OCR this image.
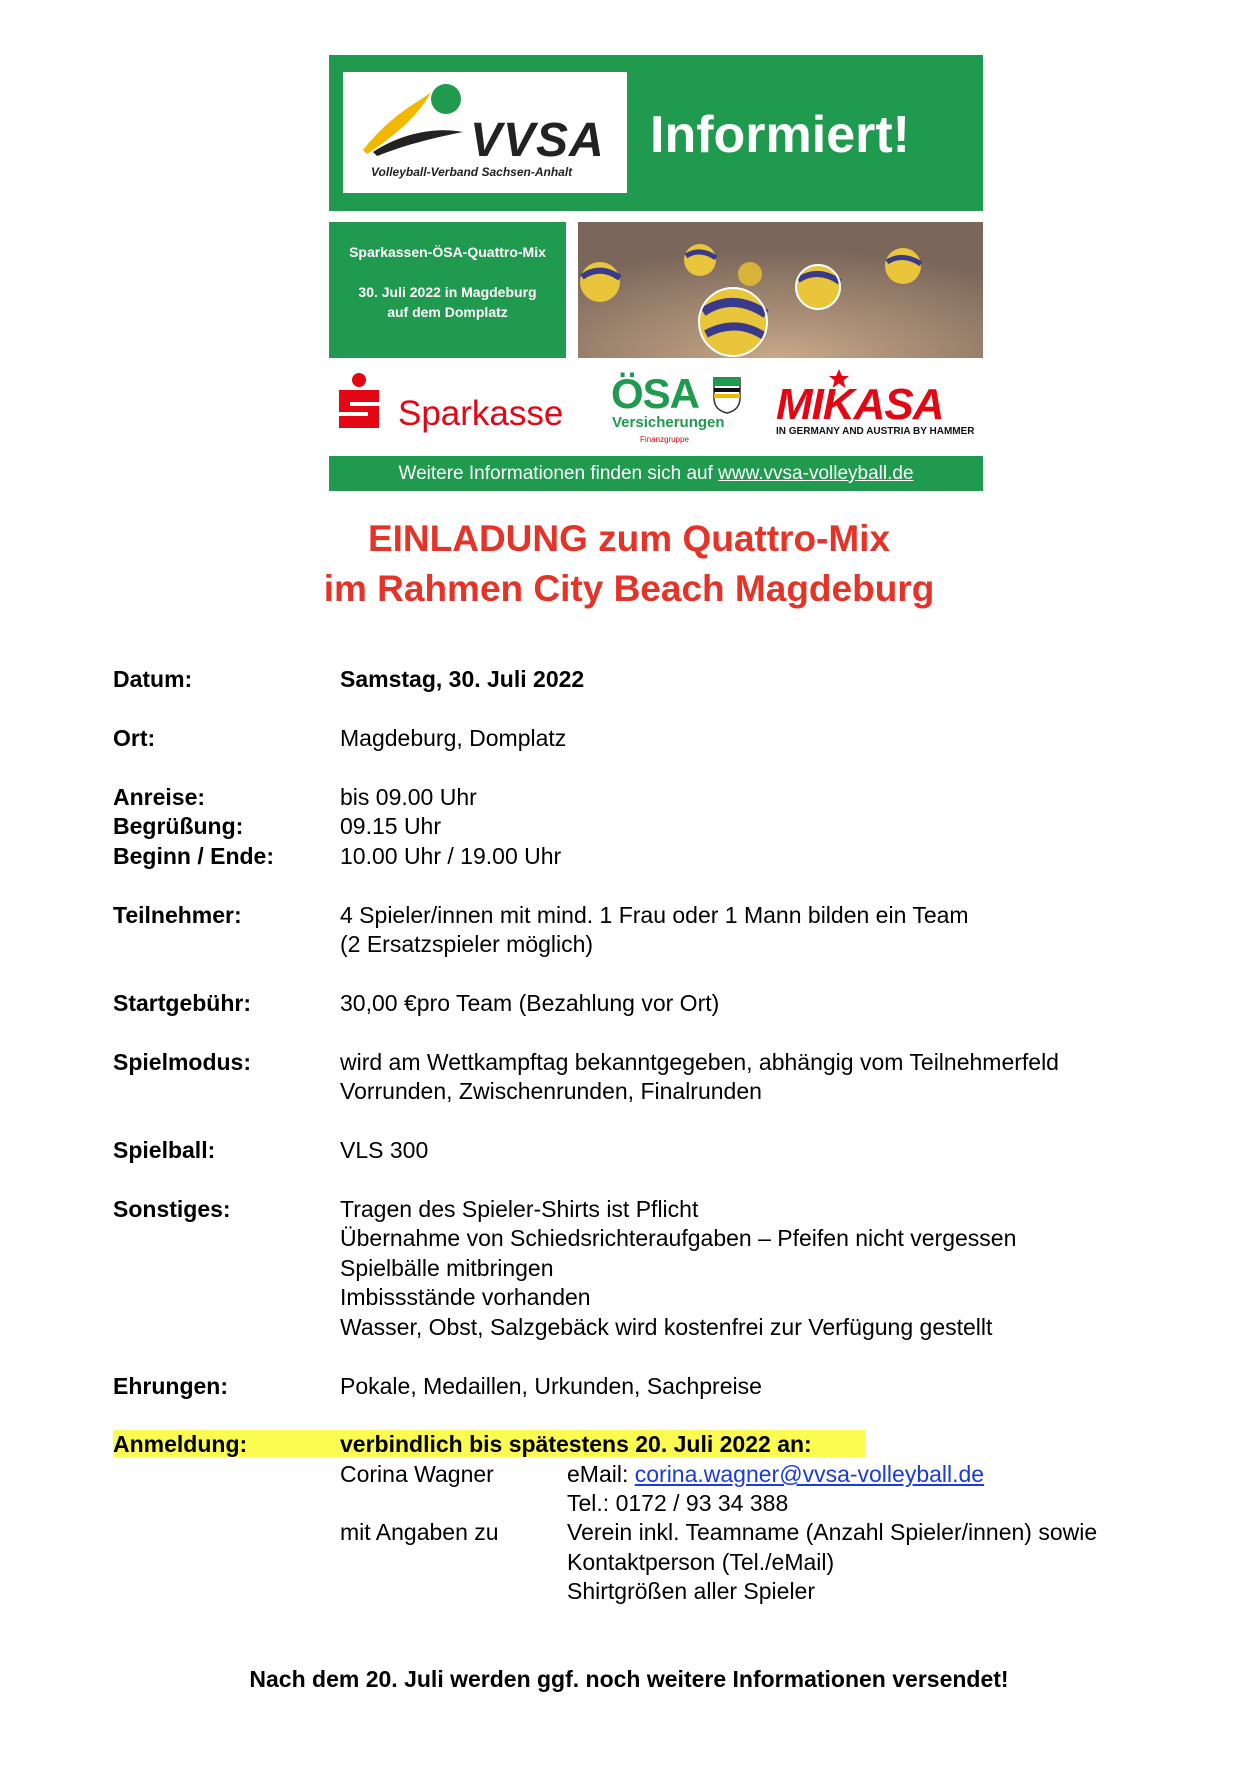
VVSA
Volleyball-Verband Sachsen-Anhalt
Informiert!
Sparkassen-ÖSA-Quattro-Mix
30. Juli 2022 in Magdeburg
auf dem Domplatz
Sparkasse ÖSA
Versicherungen
Finanzgruppe
MIKASA
IN GERMANY AND AUSTRIA BY HAMMER
Weitere Informationen finden sich auf www.vvsa-volleyball.de
EINLADUNG zum Quattro-Mix
im Rahmen City Beach Magdeburg
Datum:	Samstag, 30. Juli 2022
Ort:	Magdeburg, Domplatz
Anreise:	bis 09.00 Uhr
Begrüßung:	09.15 Uhr
Beginn / Ende:	10.00 Uhr / 19.00 Uhr
Teilnehmer:	4 Spieler/innen mit mind. 1 Frau oder 1 Mann bilden ein Team
(2 Ersatzspieler möglich)
Startgebühr:	30,00 €pro Team (Bezahlung vor Ort)
Spielmodus:	wird am Wettkampftag bekanntgegeben, abhängig vom Teilnehmerfeld
Vorrunden, Zwischenrunden, Finalrunden
Spielball:	VLS 300
Sonstiges:	Tragen des Spieler-Shirts ist Pflicht
Übernahme von Schiedsrichteraufgaben – Pfeifen nicht vergessen
Spielbälle mitbringen
Imbissstände vorhanden
Wasser, Obst, Salzgebäck wird kostenfrei zur Verfügung gestellt
Ehrungen:	Pokale, Medaillen, Urkunden, Sachpreise
Anmeldung:	verbindlich bis spätestens 20. Juli 2022 an:
Corina Wagner	eMail: corina.wagner@vvsa-volleyball.de
Tel.: 0172 / 93 34 388
mit Angaben zu	Verein inkl. Teamname (Anzahl Spieler/innen) sowie
Kontaktperson (Tel./eMail)
Shirtgrößen aller Spieler
Nach dem 20. Juli werden ggf. noch weitere Informationen versendet!
